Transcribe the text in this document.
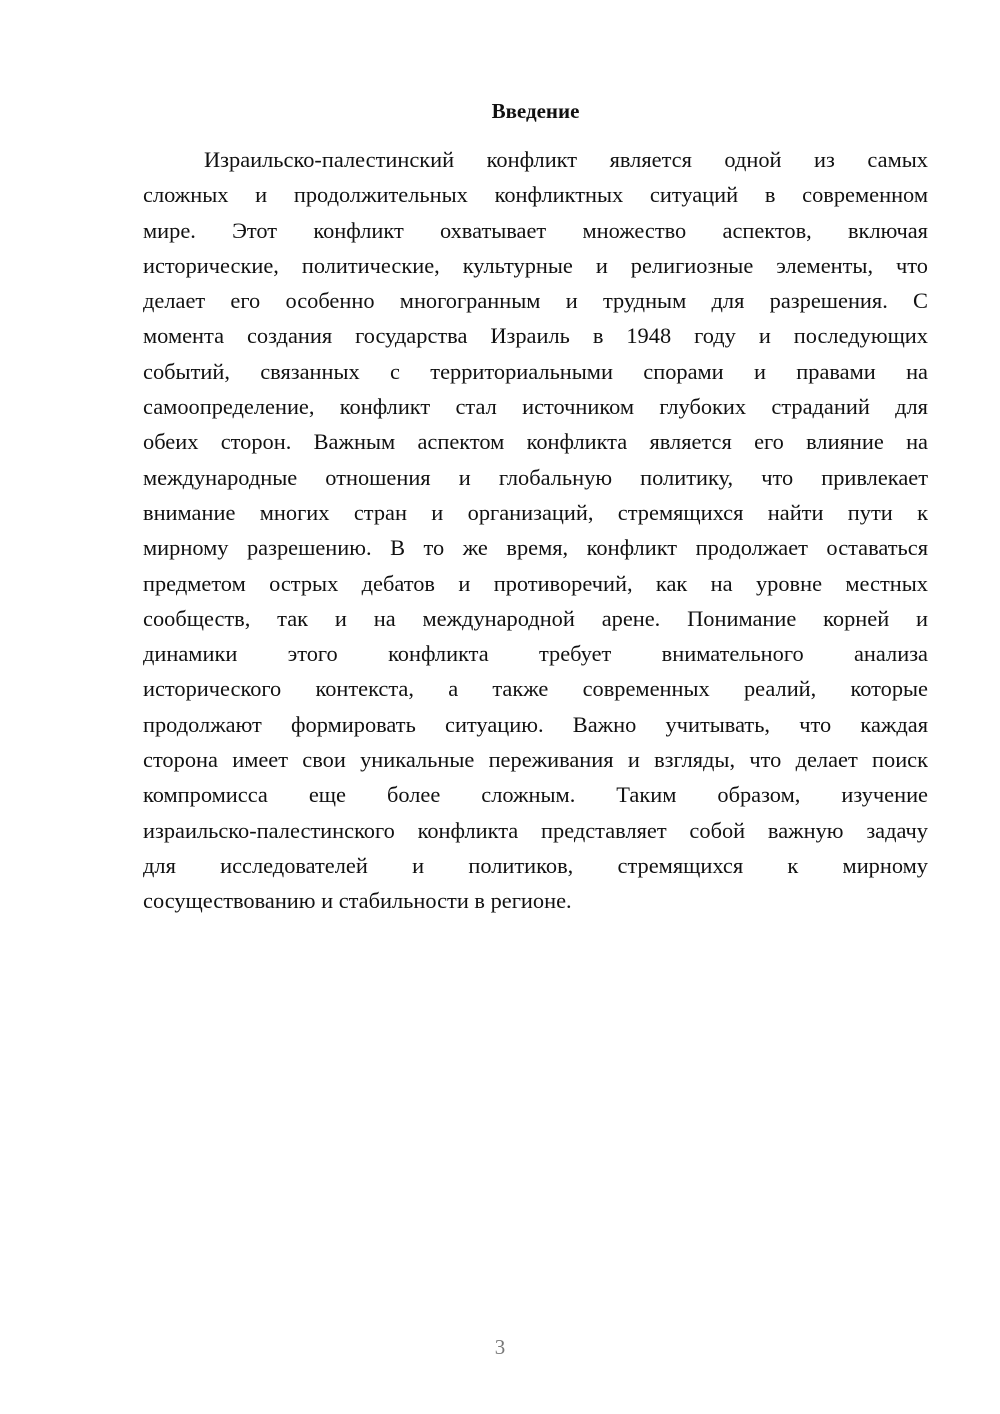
Введение
Израильско-палестинский конфликт является одной из самых
сложных и продолжительных конфликтных ситуаций в современном
мире. Этот конфликт охватывает множество аспектов, включая
исторические, политические, культурные и религиозные элементы, что
делает его особенно многогранным и трудным для разрешения. С
момента создания государства Израиль в 1948 году и последующих
событий, связанных с территориальными спорами и правами на
самоопределение, конфликт стал источником глубоких страданий для
обеих сторон. Важным аспектом конфликта является его влияние на
международные отношения и глобальную политику, что привлекает
внимание многих стран и организаций, стремящихся найти пути к
мирному разрешению. В то же время, конфликт продолжает оставаться
предметом острых дебатов и противоречий, как на уровне местных
сообществ, так и на международной арене. Понимание корней и
динамики этого конфликта требует внимательного анализа
исторического контекста, а также современных реалий, которые
продолжают формировать ситуацию. Важно учитывать, что каждая
сторона имеет свои уникальные переживания и взгляды, что делает поиск
компромисса еще более сложным. Таким образом, изучение
израильско-палестинского конфликта представляет собой важную задачу
для исследователей и политиков, стремящихся к мирному
сосуществованию и стабильности в регионе.
3
